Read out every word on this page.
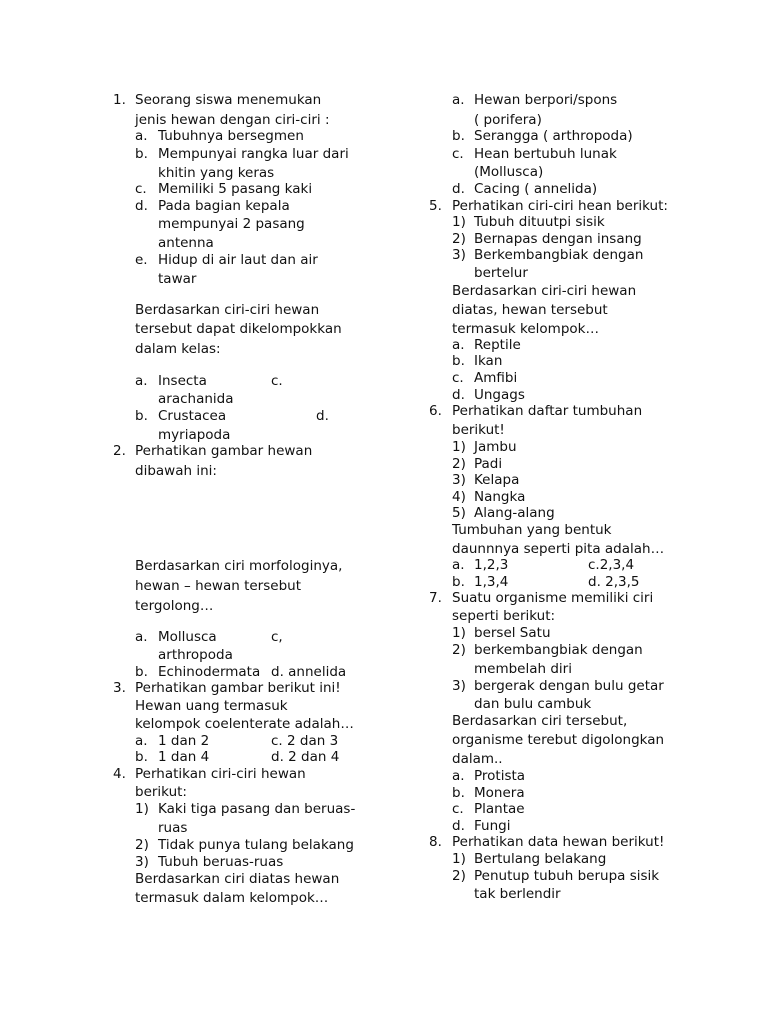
1. Seorang siswa menemukan
jenis hewan dengan ciri-ciri :
a. Tubuhnya bersegmen
b. Mempunyai rangka luar dari
khitin yang keras
c. Memiliki 5 pasang kaki
d. Pada bagian kepala
mempunyai 2 pasang
antenna
e. Hidup di air laut dan air
tawar
Berdasarkan ciri-ciri hewan
tersebut dapat dikelompokkan
dalam kelas:
a. Insecta	c.
arachanida
b. Crustacea	d.
myriapoda
2. Perhatikan gambar hewan
dibawah ini:
Berdasarkan ciri morfologinya,
hewan – hewan tersebut
tergolong…
a. Mollusca	c,
arthropoda
b. Echinodermata d. annelida
3. Perhatikan gambar berikut ini!
Hewan uang termasuk
kelompok coelenterate adalah…
a. 1 dan 2	c. 2 dan 3
b. 1 dan 4	d. 2 dan 4
4. Perhatikan ciri-ciri hewan
berikut:
1) Kaki tiga pasang dan beruas-
ruas
2) Tidak punya tulang belakang
3) Tubuh beruas-ruas
Berdasarkan ciri diatas hewan
termasuk dalam kelompok…
a. Hewan berpori/spons
( porifera)
b. Serangga ( arthropoda)
c. Hean bertubuh lunak
(Mollusca)
d. Cacing ( annelida)
5. Perhatikan ciri-ciri hean berikut:
1) Tubuh dituutpi sisik
2) Bernapas dengan insang
3) Berkembangbiak dengan
bertelur
Berdasarkan ciri-ciri hewan
diatas, hewan tersebut
termasuk kelompok…
a. Reptile
b. Ikan
c. Amfibi
d. Ungags
6. Perhatikan daftar tumbuhan
berikut!
1) Jambu
2) Padi
3) Kelapa
4) Nangka
5) Alang-alang
Tumbuhan yang bentuk
daunnnya seperti pita adalah…
a. 1,2,3	c.2,3,4
b. 1,3,4	d. 2,3,5
7. Suatu organisme memiliki ciri
seperti berikut:
1) bersel Satu
2) berkembangbiak dengan
membelah diri
3) bergerak dengan bulu getar
dan bulu cambuk
Berdasarkan ciri tersebut,
organisme terebut digolongkan
dalam..
a. Protista
b. Monera
c. Plantae
d. Fungi
8. Perhatikan data hewan berikut!
1) Bertulang belakang
2) Penutup tubuh berupa sisik
tak berlendir
